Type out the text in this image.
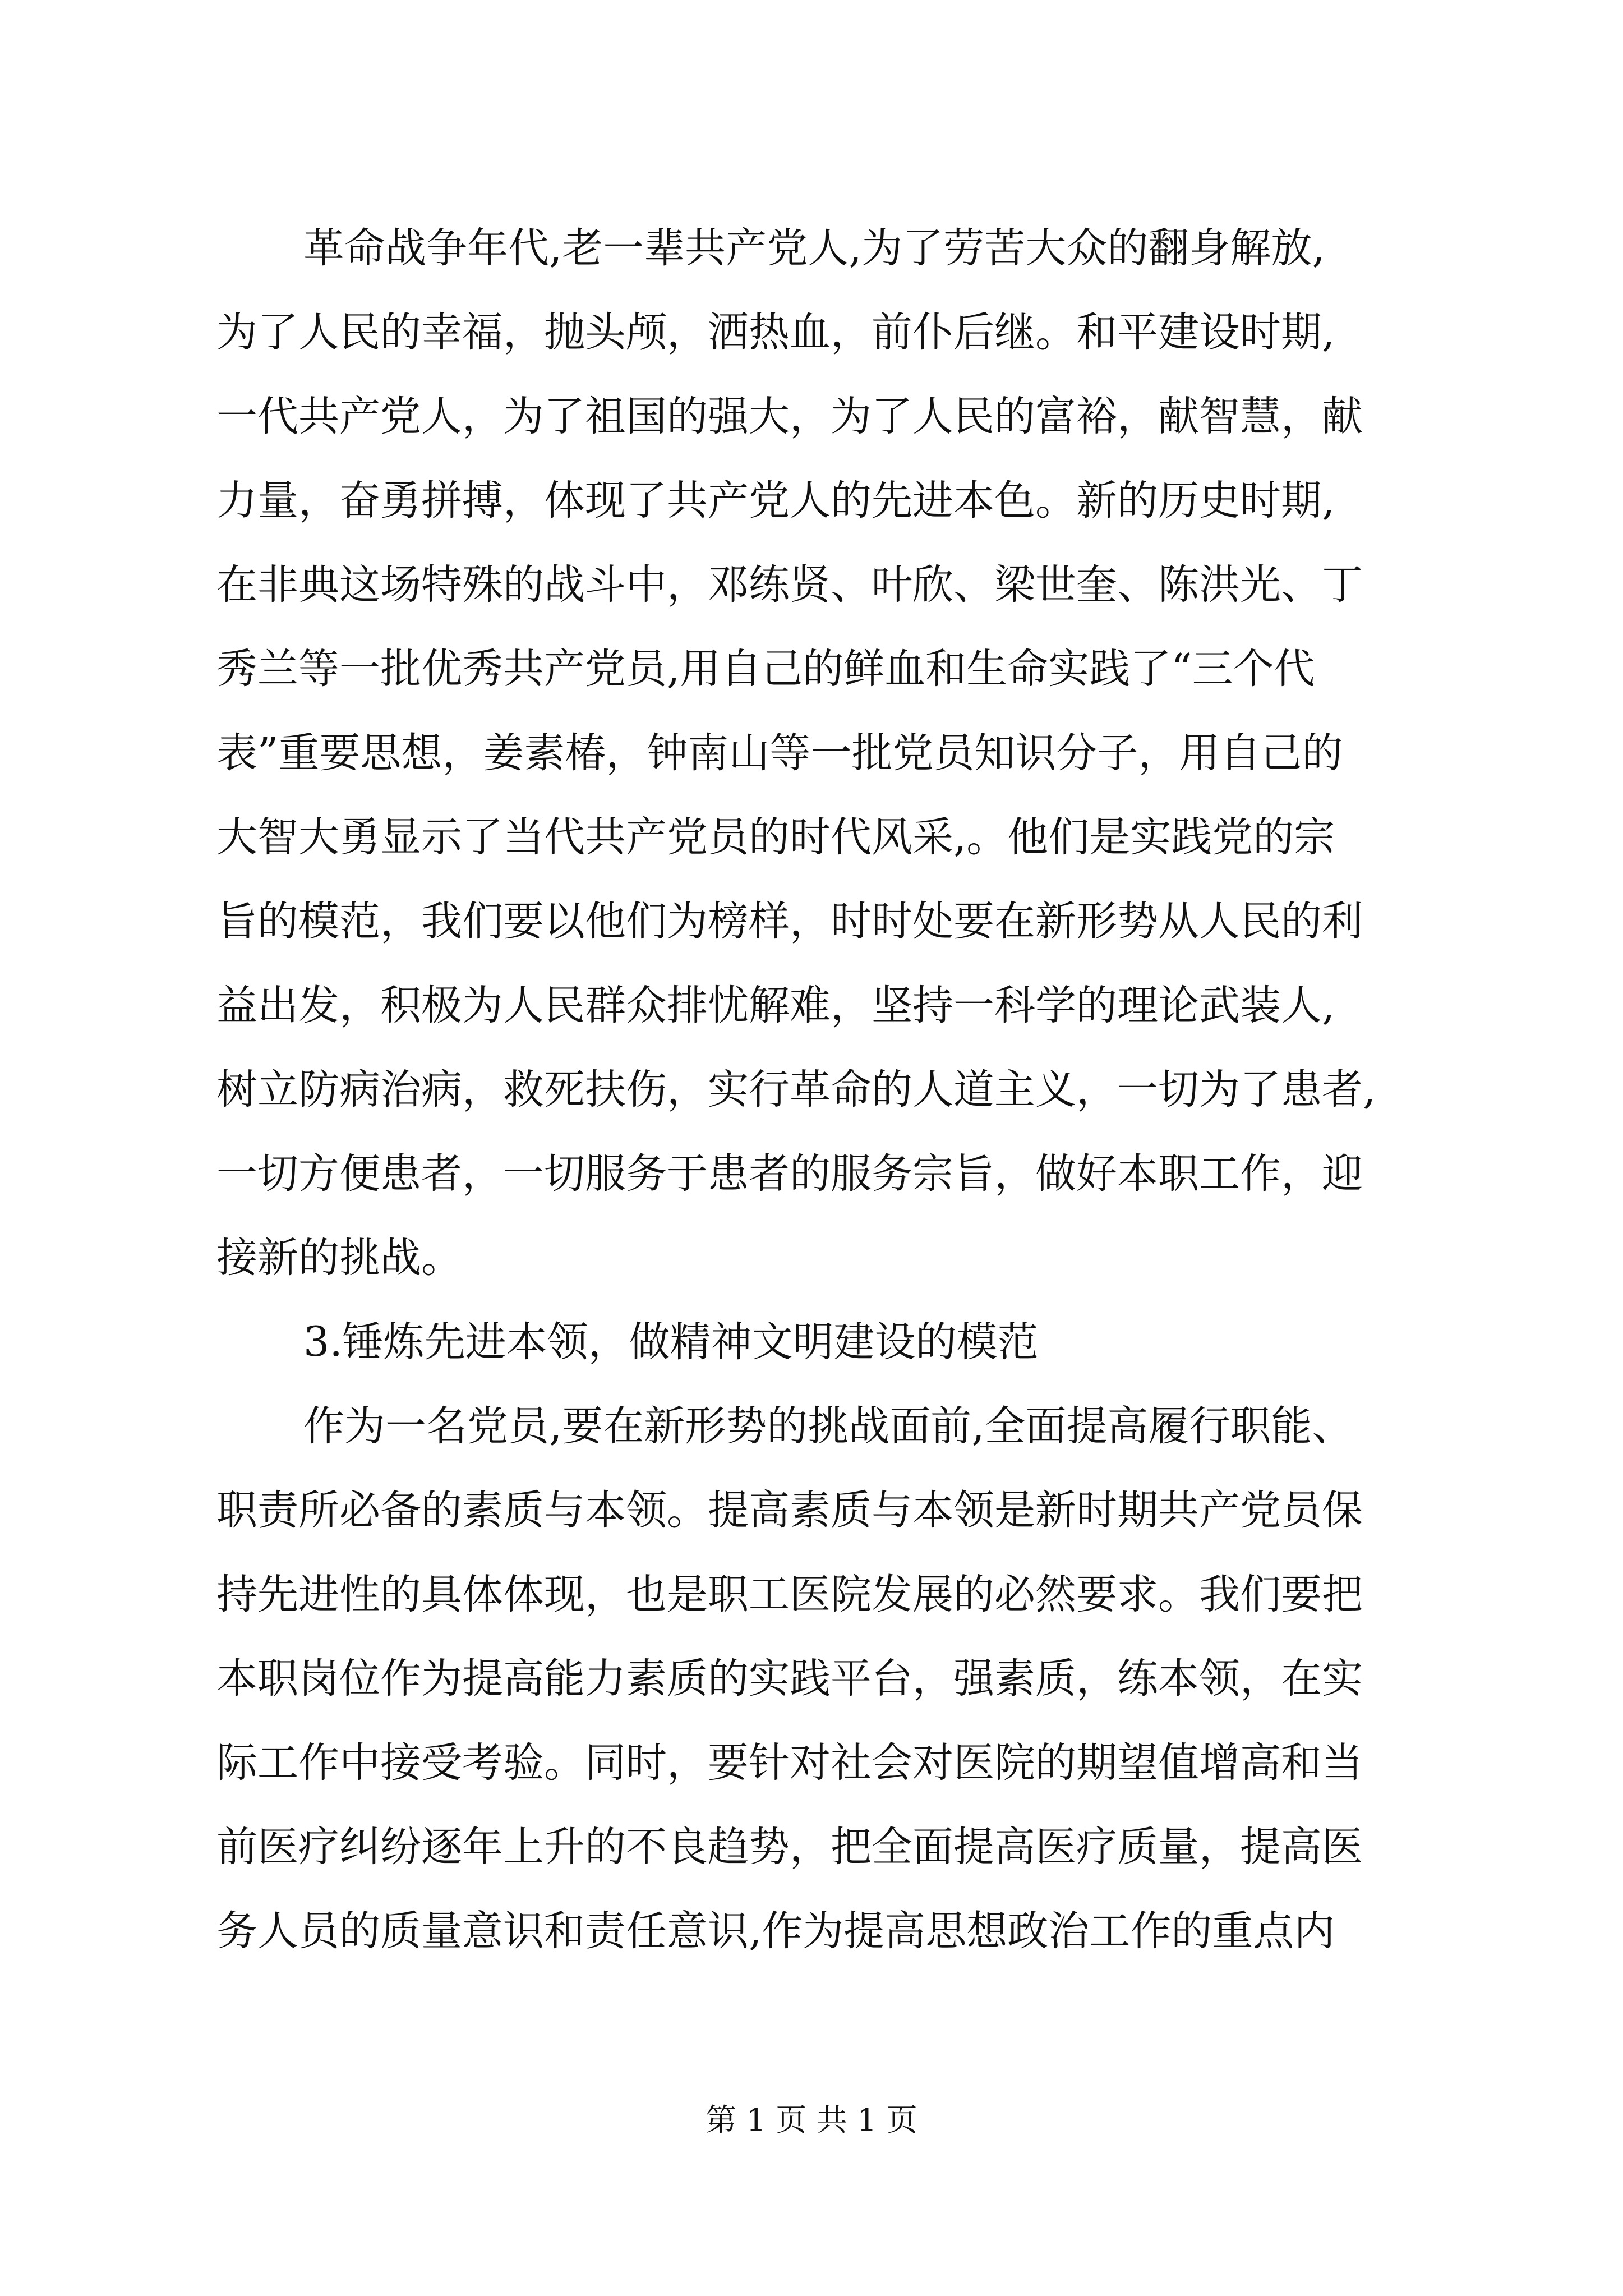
革命战争年代,老一辈共产党人,为了劳苦大众的翻身解放,
为了人民的幸福，抛头颅，洒热血，前仆后继。和平建设时期,
一代共产党人，为了祖国的强大，为了人民的富裕，献智慧，献
力量，奋勇拼搏，体现了共产党人的先进本色。新的历史时期,
在非典这场特殊的战斗中，邓练贤、叶欣、梁世奎、陈洪光、丁
秀兰等一批优秀共产党员,用自己的鲜血和生命实践了“三个代
表”重要思想，姜素椿，钟南山等一批党员知识分子，用自己的
大智大勇显示了当代共产党员的时代风采,。他们是实践党的宗
旨的模范，我们要以他们为榜样，时时处要在新形势从人民的利
益出发，积极为人民群众排忧解难，坚持一科学的理论武装人,
树立防病治病，救死扶伤，实行革命的人道主义，一切为了患者,
一切方便患者，一切服务于患者的服务宗旨，做好本职工作，迎
接新的挑战。
3.锤炼先进本领，做精神文明建设的模范
作为一名党员,要在新形势的挑战面前,全面提高履行职能、
职责所必备的素质与本领。提高素质与本领是新时期共产党员保
持先进性的具体体现，也是职工医院发展的必然要求。我们要把
本职岗位作为提高能力素质的实践平台，强素质，练本领，在实
际工作中接受考验。同时，要针对社会对医院的期望值增高和当
前医疗纠纷逐年上升的不良趋势，把全面提高医疗质量，提高医
务人员的质量意识和责任意识,作为提高思想政治工作的重点内
第 1 页 共 1 页
